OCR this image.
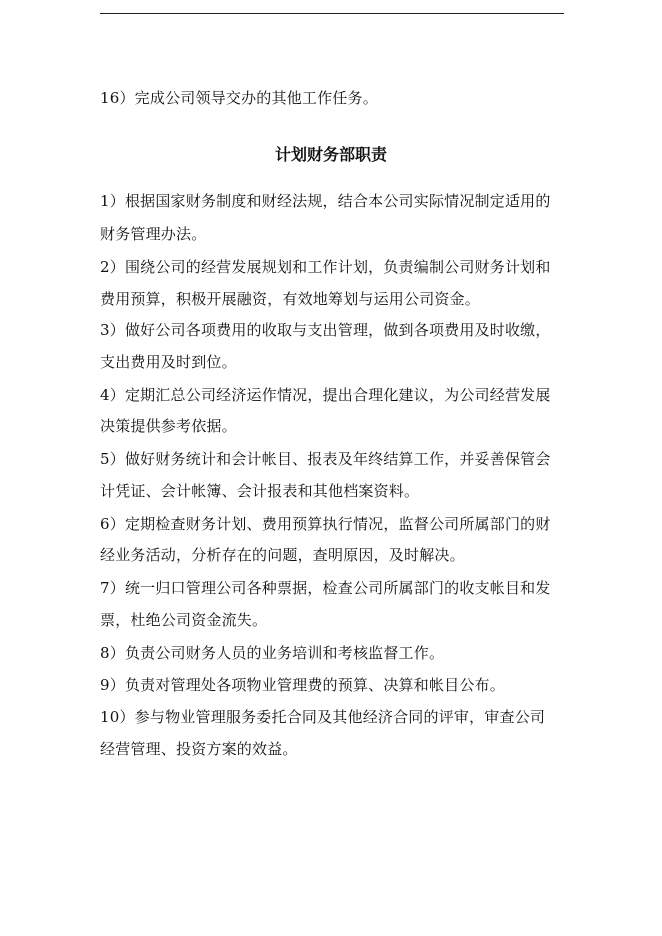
16）完成公司领导交办的其他工作任务。
计划财务部职责
1）根据国家财务制度和财经法规，结合本公司实际情况制定适用的
财务管理办法。
2）围绕公司的经营发展规划和工作计划，负责编制公司财务计划和
费用预算，积极开展融资，有效地筹划与运用公司资金。
3）做好公司各项费用的收取与支出管理，做到各项费用及时收缴，
支出费用及时到位。
4）定期汇总公司经济运作情况，提出合理化建议，为公司经营发展
决策提供参考依据。
5）做好财务统计和会计帐目、报表及年终结算工作，并妥善保管会
计凭证、会计帐簿、会计报表和其他档案资料。
6）定期检查财务计划、费用预算执行情况，监督公司所属部门的财
经业务活动，分析存在的问题，查明原因，及时解决。
7）统一归口管理公司各种票据，检查公司所属部门的收支帐目和发
票，杜绝公司资金流失。
8）负责公司财务人员的业务培训和考核监督工作。
9）负责对管理处各项物业管理费的预算、决算和帐目公布。
10）参与物业管理服务委托合同及其他经济合同的评审，审查公司
经营管理、投资方案的效益。
